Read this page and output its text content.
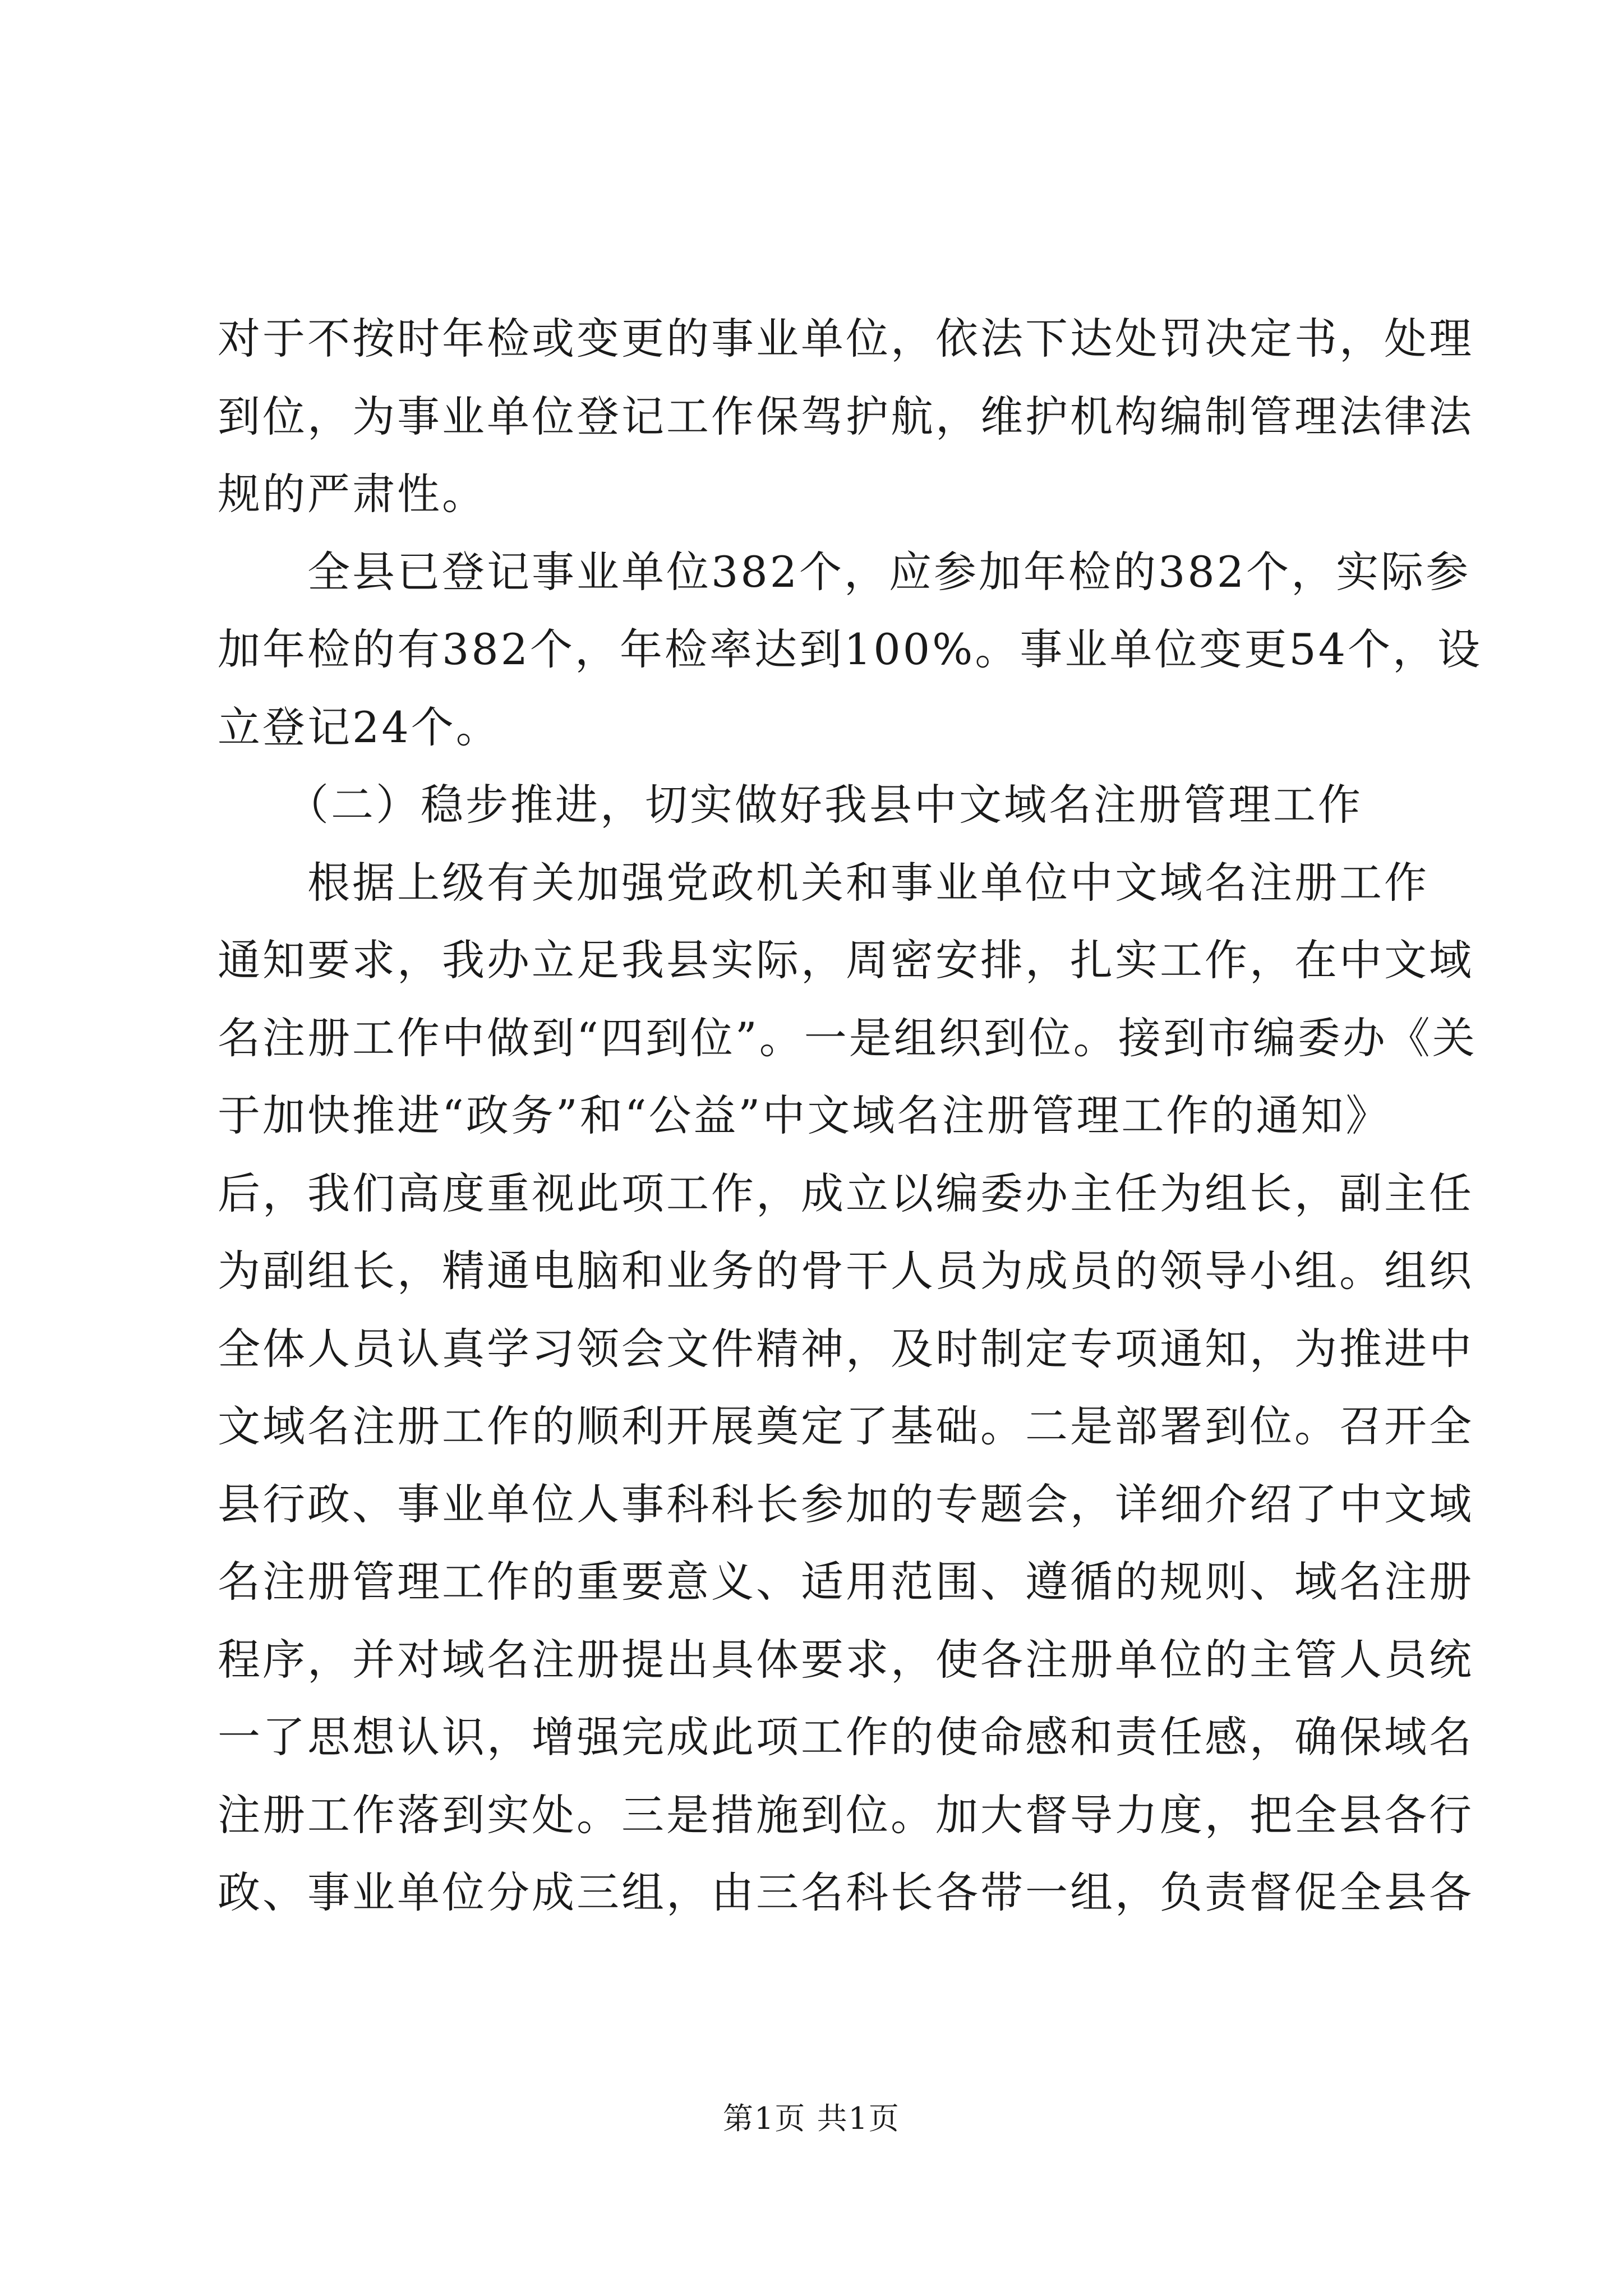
对于不按时年检或变更的事业单位，依法下达处罚决定书，处理
到位，为事业单位登记工作保驾护航，维护机构编制管理法律法
规的严肃性。
　　全县已登记事业单位382个，应参加年检的382个，实际参
加年检的有382个，年检率达到100%。事业单位变更54个，设
立登记24个。
　　（二）稳步推进，切实做好我县中文域名注册管理工作
　　根据上级有关加强党政机关和事业单位中文域名注册工作
通知要求，我办立足我县实际，周密安排，扎实工作，在中文域
名注册工作中做到“四到位”。一是组织到位。接到市编委办《关
于加快推进“政务”和“公益”中文域名注册管理工作的通知》
后，我们高度重视此项工作，成立以编委办主任为组长，副主任
为副组长，精通电脑和业务的骨干人员为成员的领导小组。组织
全体人员认真学习领会文件精神，及时制定专项通知，为推进中
文域名注册工作的顺利开展奠定了基础。二是部署到位。召开全
县行政、事业单位人事科科长参加的专题会，详细介绍了中文域
名注册管理工作的重要意义、适用范围、遵循的规则、域名注册
程序，并对域名注册提出具体要求，使各注册单位的主管人员统
一了思想认识，增强完成此项工作的使命感和责任感，确保域名
注册工作落到实处。三是措施到位。加大督导力度，把全县各行
政、事业单位分成三组，由三名科长各带一组，负责督促全县各
第1页 共1页
